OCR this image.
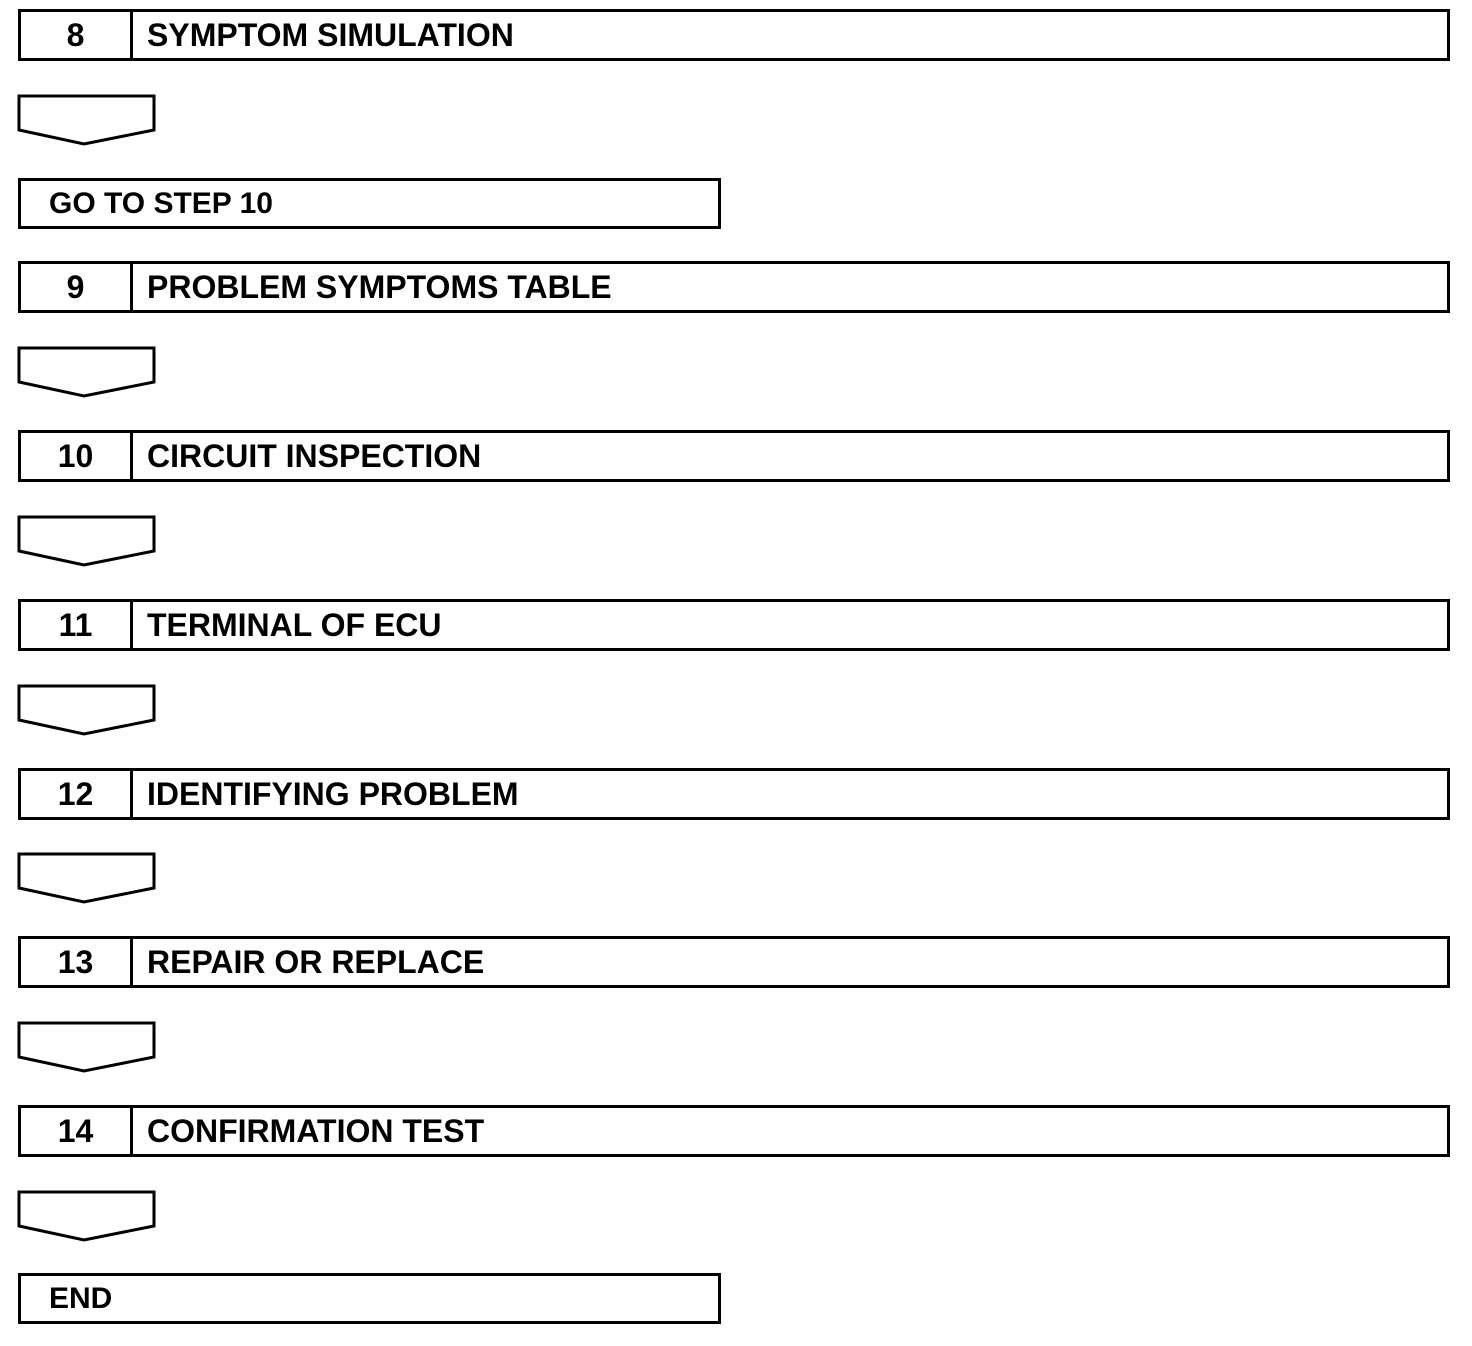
8	SYMPTOM SIMULATION
GO TO STEP 10
9	PROBLEM SYMPTOMS TABLE
10	CIRCUIT INSPECTION
11	TERMINAL OF ECU
12	IDENTIFYING PROBLEM
13	REPAIR OR REPLACE
14	CONFIRMATION TEST
END
